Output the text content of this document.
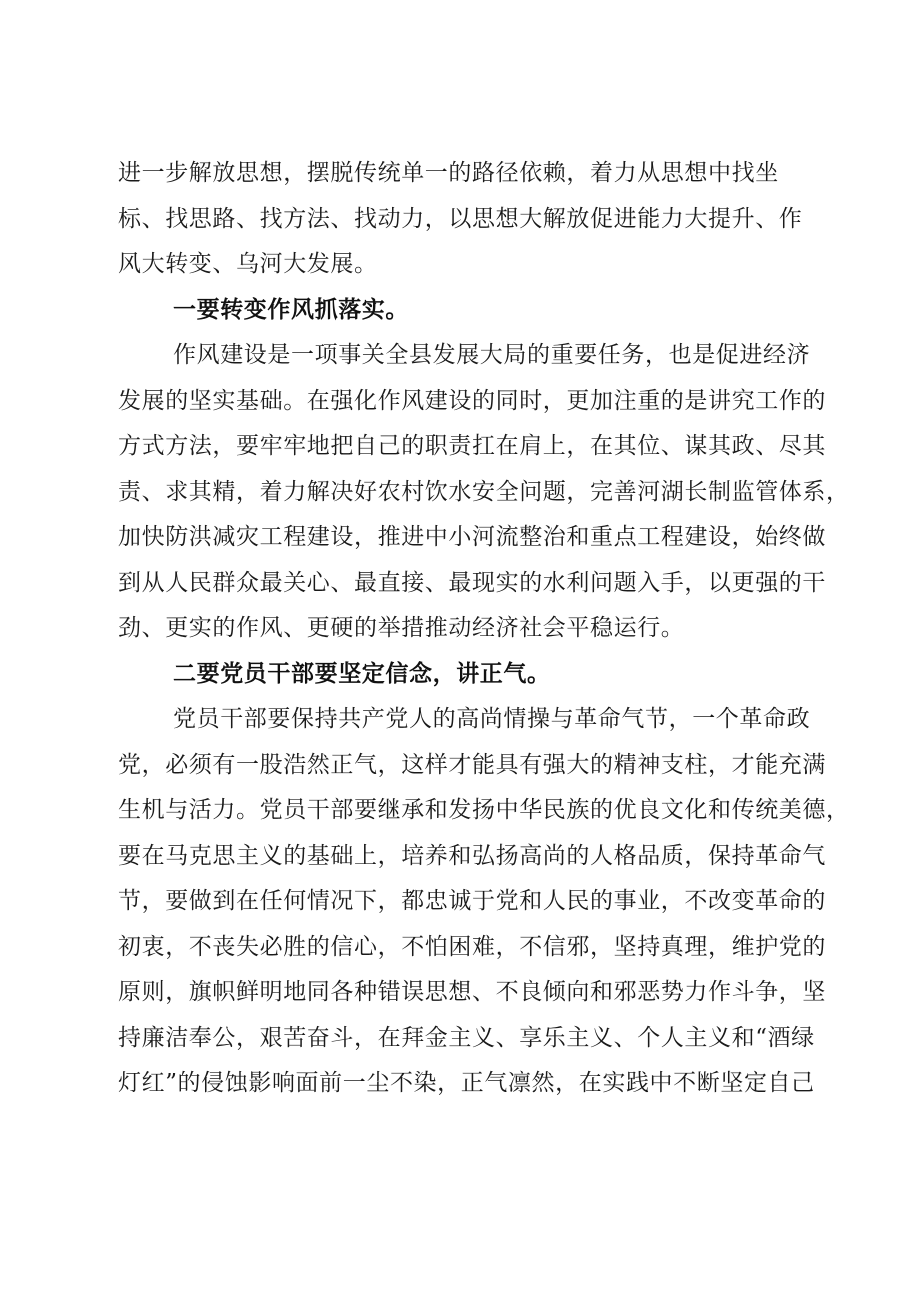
进一步解放思想，摆脱传统单一的路径依赖，着力从思想中找坐
标、找思路、找方法、找动力，以思想大解放促进能力大提升、作
风大转变、乌河大发展。
一要转变作风抓落实。
作风建设是一项事关全县发展大局的重要任务，也是促进经济
发展的坚实基础。在强化作风建设的同时，更加注重的是讲究工作的
方式方法，要牢牢地把自己的职责扛在肩上，在其位、谋其政、尽其
责、求其精，着力解决好农村饮水安全问题，完善河湖长制监管体系，
加快防洪减灾工程建设，推进中小河流整治和重点工程建设，始终做
到从人民群众最关心、最直接、最现实的水利问题入手，以更强的干
劲、更实的作风、更硬的举措推动经济社会平稳运行。
二要党员干部要坚定信念，讲正气。
党员干部要保持共产党人的高尚情操与革命气节，一个革命政
党，必须有一股浩然正气，这样才能具有强大的精神支柱，才能充满
生机与活力。党员干部要继承和发扬中华民族的优良文化和传统美德，
要在马克思主义的基础上，培养和弘扬高尚的人格品质，保持革命气
节，要做到在任何情况下，都忠诚于党和人民的事业，不改变革命的
初衷，不丧失必胜的信心，不怕困难，不信邪，坚持真理，维护党的
原则，旗帜鲜明地同各种错误思想、不良倾向和邪恶势力作斗争，坚
持廉洁奉公，艰苦奋斗，在拜金主义、享乐主义、个人主义和“酒绿
灯红”的侵蚀影响面前一尘不染，正气凛然，在实践中不断坚定自己
